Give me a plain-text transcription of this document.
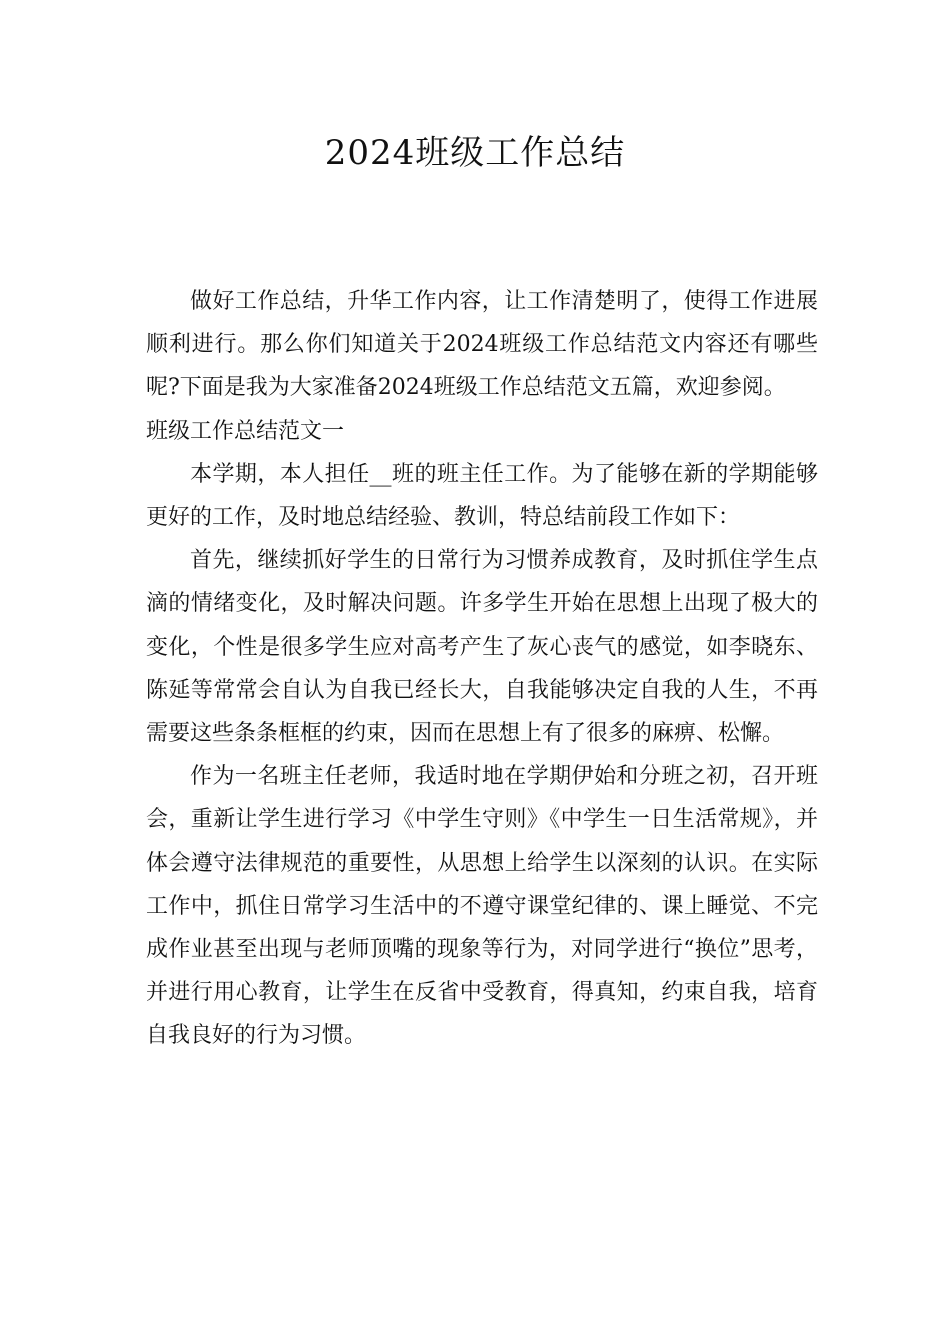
2024班级工作总结

做好工作总结，升华工作内容，让工作清楚明了，使得工作进展顺利进行。那么你们知道关于2024班级工作总结范文内容还有哪些呢?下面是我为大家准备2024班级工作总结范文五篇，欢迎参阅。

班级工作总结范文一

本学期，本人担任__班的班主任工作。为了能够在新的学期能够更好的工作，及时地总结经验、教训，特总结前段工作如下：

首先，继续抓好学生的日常行为习惯养成教育，及时抓住学生点滴的情绪变化，及时解决问题。许多学生开始在思想上出现了极大的变化，个性是很多学生应对高考产生了灰心丧气的感觉，如李晓东、陈延等常常会自认为自我已经长大，自我能够决定自我的人生，不再需要这些条条框框的约束，因而在思想上有了很多的麻痹、松懈。

作为一名班主任老师，我适时地在学期伊始和分班之初，召开班会，重新让学生进行学习《中学生守则》《中学生一日生活常规》，并体会遵守法律规范的重要性，从思想上给学生以深刻的认识。在实际工作中，抓住日常学习生活中的不遵守课堂纪律的、课上睡觉、不完成作业甚至出现与老师顶嘴的现象等行为，对同学进行“换位”思考，并进行用心教育，让学生在反省中受教育，得真知，约束自我，培育自我良好的行为习惯。
